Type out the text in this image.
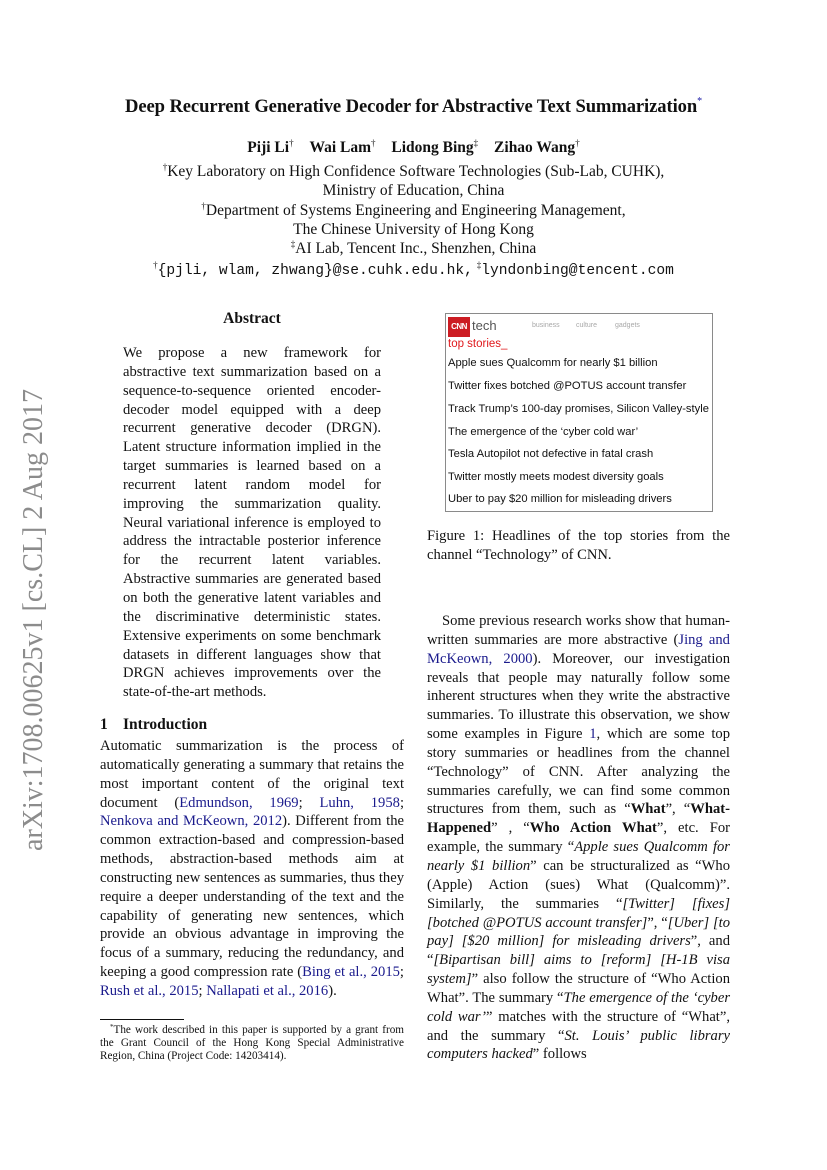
Deep Recurrent Generative Decoder for Abstractive Text Summarization*
Piji Li† Wai Lam† Lidong Bing‡ Zihao Wang†
†Key Laboratory on High Confidence Software Technologies (Sub-Lab, CUHK),
Ministry of Education, China
†Department of Systems Engineering and Engineering Management,
The Chinese University of Hong Kong
‡AI Lab, Tencent Inc., Shenzhen, China
†{pjli, wlam, zhwang}@se.cuhk.edu.hk, ‡lyndonbing@tencent.com
arXiv:1708.00625v1 [cs.CL] 2 Aug 2017
Abstract

We propose a new framework for abstractive text summarization based on a sequence-to-sequence oriented encoder-decoder model equipped with a deep recurrent generative decoder (DRGN). Latent structure information implied in the target summaries is learned based on a recurrent latent random model for improving the summarization quality. Neural variational inference is employed to address the intractable posterior inference for the recurrent latent variables. Abstractive summaries are generated based on both the generative latent variables and the discriminative deterministic states. Extensive experiments on some benchmark datasets in different languages show that DRGN achieves improvements over the state-of-the-art methods.

1 Introduction

Automatic summarization is the process of automatically generating a summary that retains the most important content of the original text document (Edmundson, 1969; Luhn, 1958; Nenkova and McKeown, 2012). Different from the common extraction-based and compression-based methods, abstraction-based methods aim at constructing new sentences as summaries, thus they require a deeper understanding of the text and the capability of generating new sentences, which provide an obvious advantage in improving the focus of a summary, reducing the redundancy, and keeping a good compression rate (Bing et al., 2015; Rush et al., 2015; Nallapati et al., 2016).

*The work described in this paper is supported by a grant from the Grant Council of the Hong Kong Special Administrative Region, China (Project Code: 14203414).
CNN tech	business culture	gadgets
top stories_
Apple sues Qualcomm for nearly $1 billion
Twitter fixes botched @POTUS account transfer
Track Trump’s 100-day promises, Silicon Valley-style
The emergence of the ‘cyber cold war’
Tesla Autopilot not defective in fatal crash
Twitter mostly meets modest diversity goals
Uber to pay $20 million for misleading drivers
Figure 1: Headlines of the top stories from the channel “Technology” of CNN.

Some previous research works show that human-written summaries are more abstractive (Jing and McKeown, 2000). Moreover, our investigation reveals that people may naturally follow some inherent structures when they write the abstractive summaries. To illustrate this observation, we show some examples in Figure 1, which are some top story summaries or headlines from the channel “Technology” of CNN. After analyzing the summaries carefully, we can find some common structures from them, such as “What”, “What-Happened” , “Who Action What”, etc. For example, the summary “Apple sues Qualcomm for nearly $1 billion” can be structuralized as “Who (Apple) Action (sues) What (Qualcomm)”. Similarly, the summaries “[Twitter] [fixes] [botched @POTUS account transfer]”, “[Uber] [to pay] [$20 million] for misleading drivers”, and “[Bipartisan bill] aims to [reform] [H-1B visa system]” also follow the structure of “Who Action What”. The summary “The emergence of the ‘cyber cold war’” matches with the structure of “What”, and the summary “St. Louis’ public library computers hacked” follows
